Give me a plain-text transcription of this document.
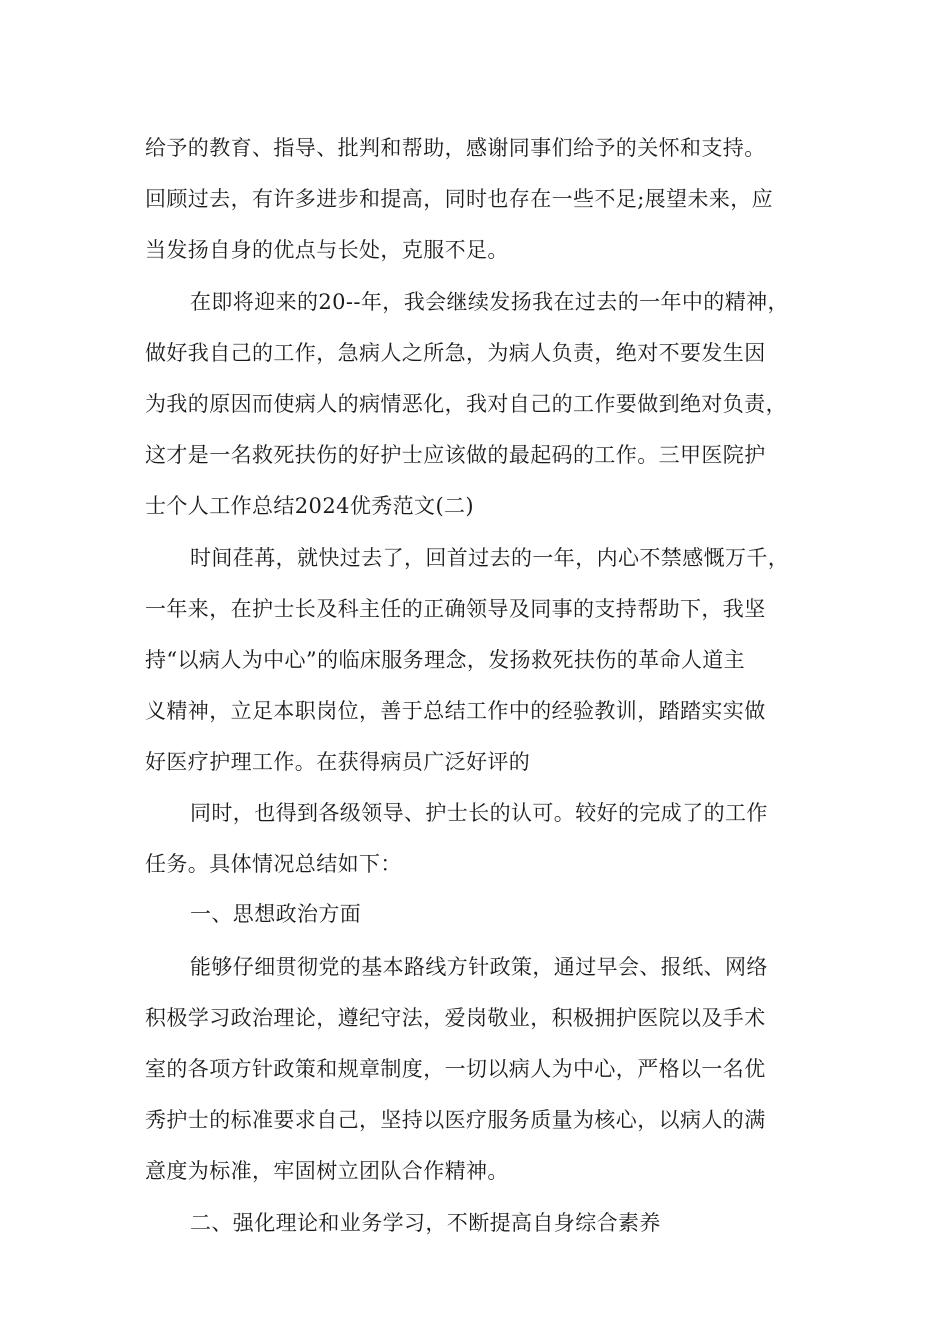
给予的教育、指导、批判和帮助，感谢同事们给予的关怀和支持。
回顾过去，有许多进步和提高，同时也存在一些不足;展望未来，应
当发扬自身的优点与长处，克服不足。
在即将迎来的20--年，我会继续发扬我在过去的一年中的精神，
做好我自己的工作，急病人之所急，为病人负责，绝对不要发生因
为我的原因而使病人的病情恶化，我对自己的工作要做到绝对负责，
这才是一名救死扶伤的好护士应该做的最起码的工作。三甲医院护
士个人工作总结2024优秀范文(二)
时间荏苒，就快过去了，回首过去的一年，内心不禁感慨万千，
一年来，在护士长及科主任的正确领导及同事的支持帮助下，我坚
持“以病人为中心”的临床服务理念，发扬救死扶伤的革命人道主
义精神，立足本职岗位，善于总结工作中的经验教训，踏踏实实做
好医疗护理工作。在获得病员广泛好评的
同时，也得到各级领导、护士长的认可。较好的完成了的工作
任务。具体情况总结如下：
一、思想政治方面
能够仔细贯彻党的基本路线方针政策，通过早会、报纸、网络
积极学习政治理论，遵纪守法，爱岗敬业，积极拥护医院以及手术
室的各项方针政策和规章制度，一切以病人为中心，严格以一名优
秀护士的标准要求自己，坚持以医疗服务质量为核心，以病人的满
意度为标准，牢固树立团队合作精神。
二、强化理论和业务学习，不断提高自身综合素养
